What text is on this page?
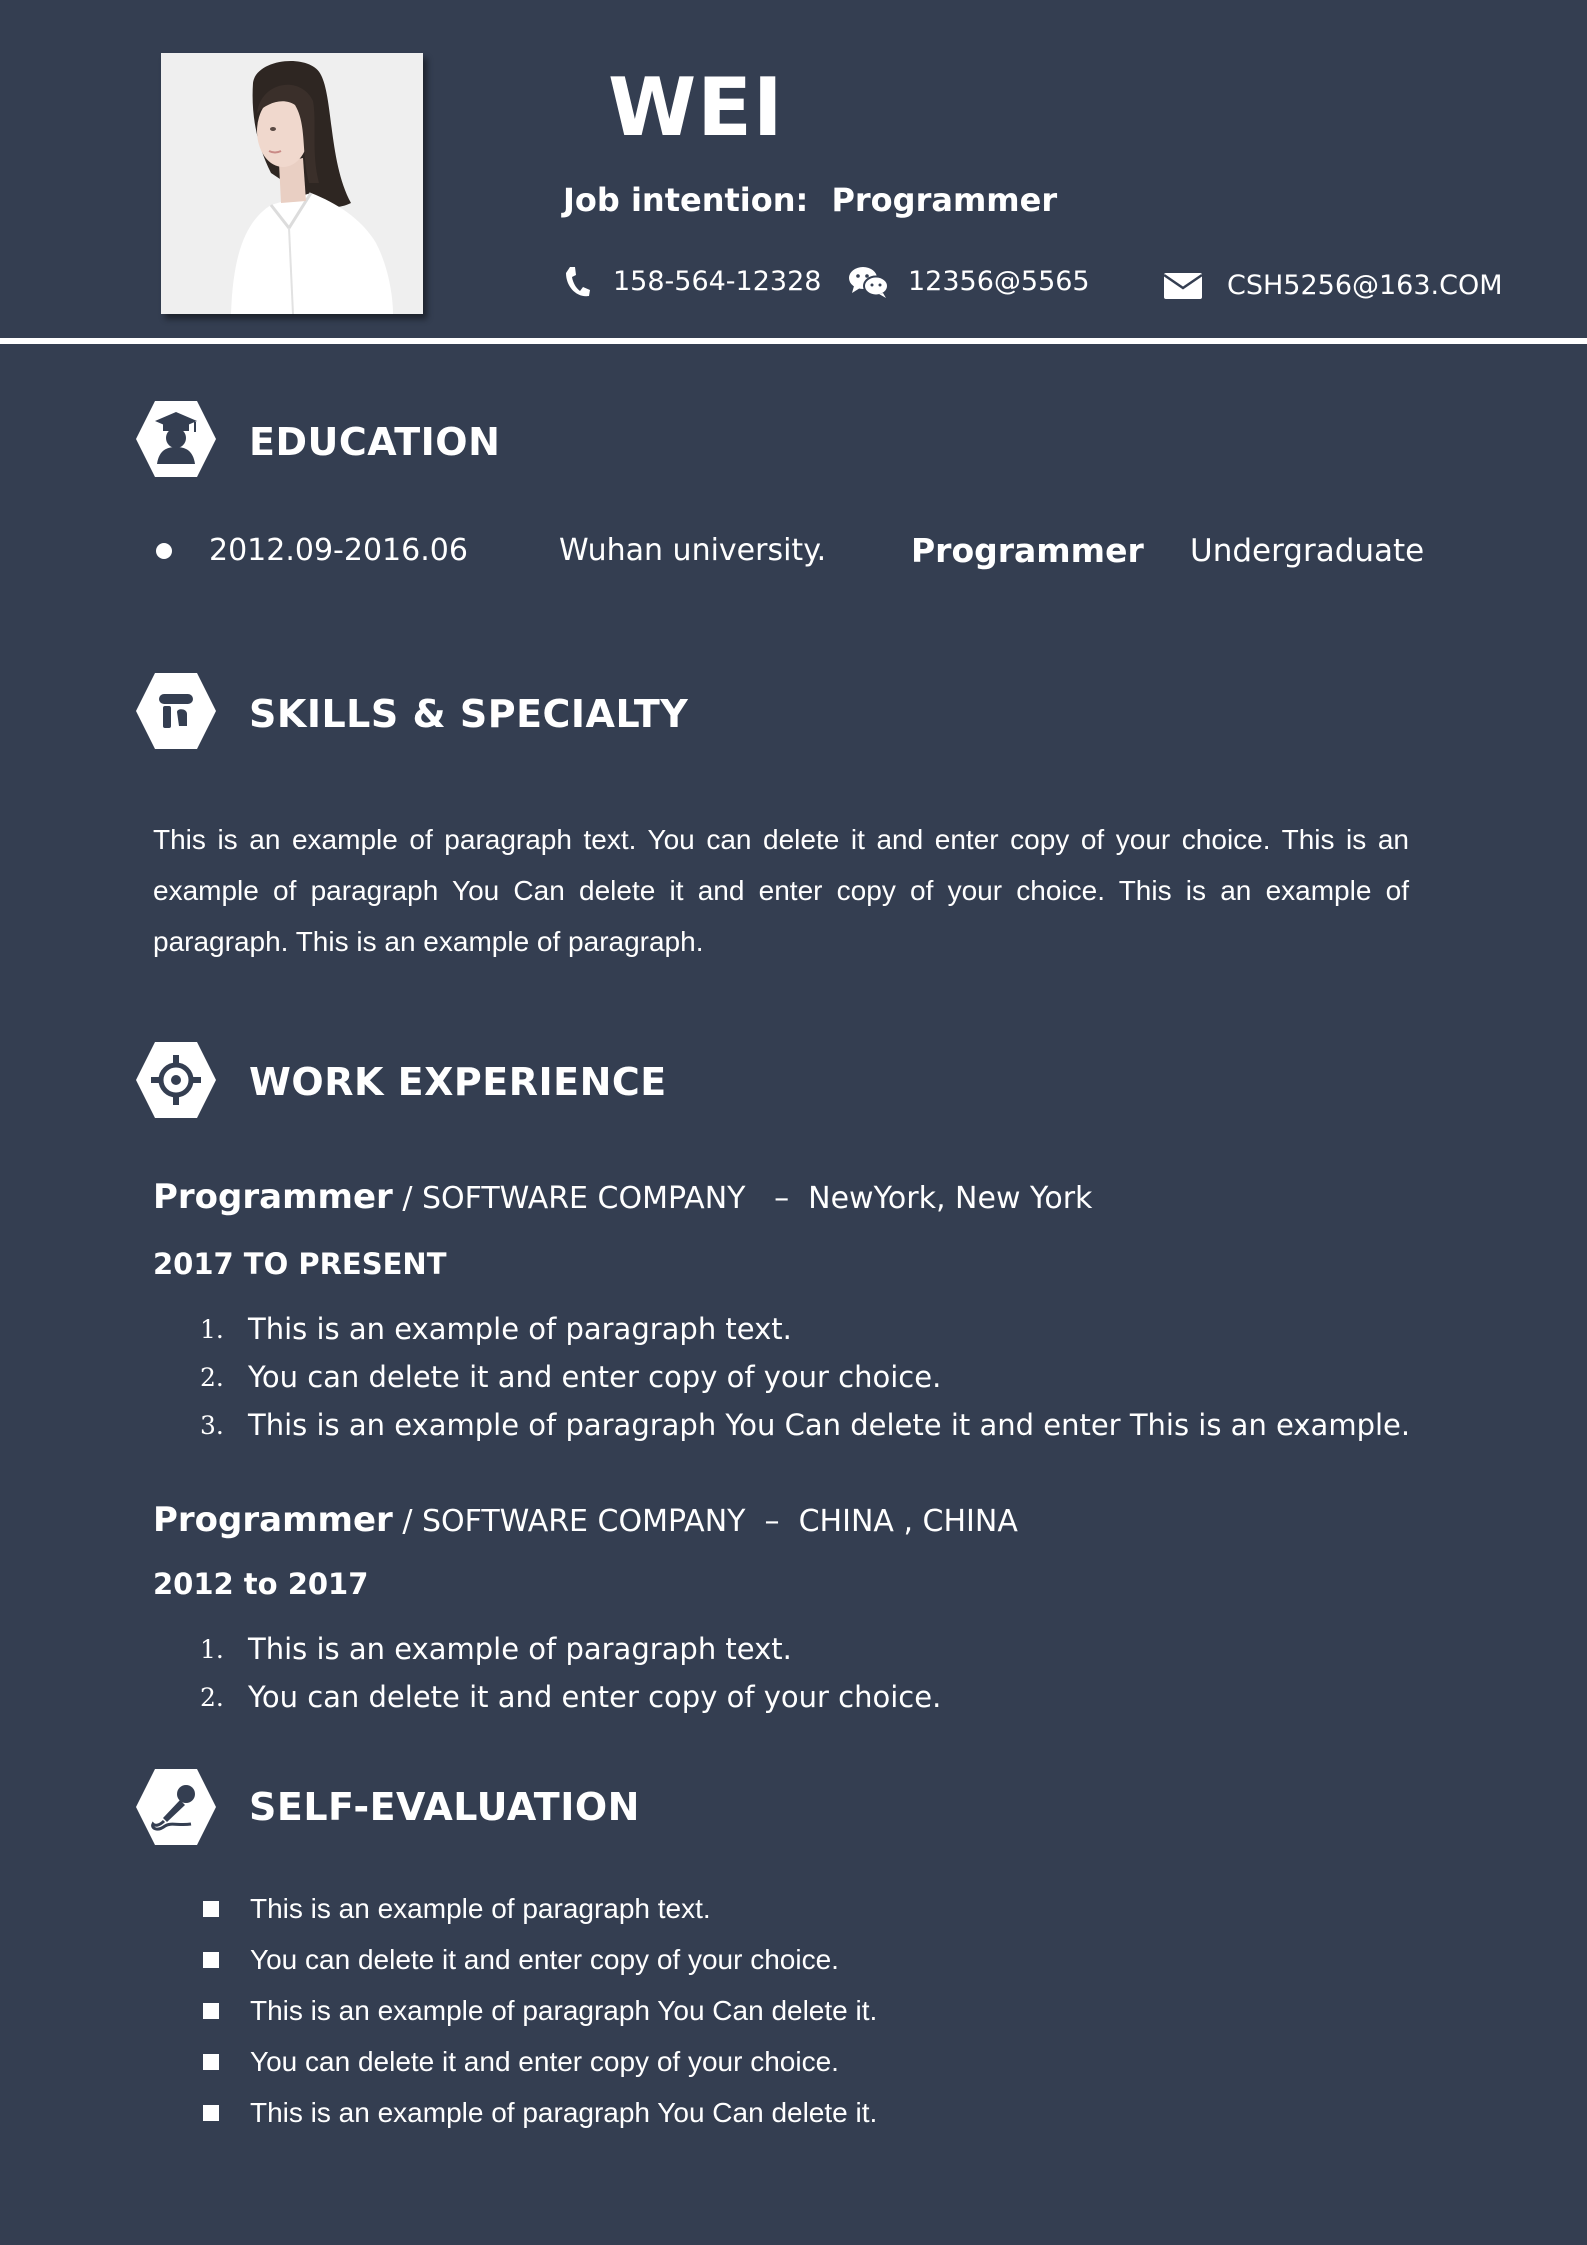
WEI
Job intention: Programmer
158-564-12328	12356@5565	CSH5256@163.COM
EDUCATION
2012.09-2016.06	Wuhan university.	Programmer Undergraduate
SKILLS & SPECIALTY
This is an example of paragraph text. You can delete it and enter copy of your choice. This is an example of paragraph You Can delete it and enter copy of your choice. This is an example of paragraph. This is an example of paragraph.
WORK EXPERIENCE
Programmer / SOFTWARE COMPANY   –  NewYork, New York
2017 TO PRESENT
1. This is an example of paragraph text.
2. You can delete it and enter copy of your choice.
3. This is an example of paragraph You Can delete it and enter This is an example.
Programmer / SOFTWARE COMPANY  –  CHINA , CHINA
2012 to 2017
1. This is an example of paragraph text.
2. You can delete it and enter copy of your choice.
SELF-EVALUATION
This is an example of paragraph text.
You can delete it and enter copy of your choice.
This is an example of paragraph You Can delete it.
You can delete it and enter copy of your choice.
This is an example of paragraph You Can delete it.
